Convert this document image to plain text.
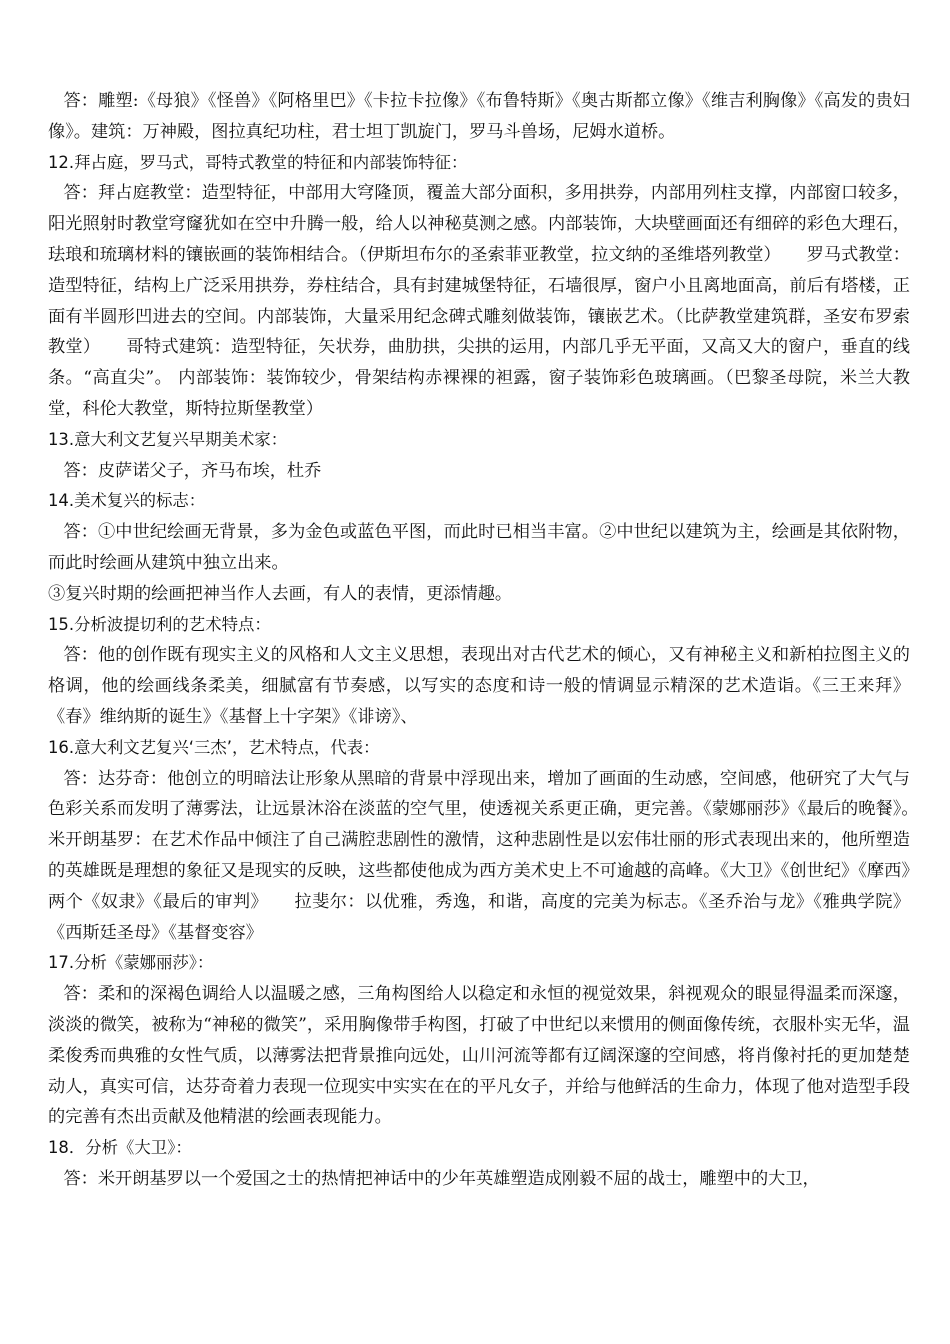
答：雕塑:《母狼》《怪兽》《阿格里巴》《卡拉卡拉像》《布鲁特斯》《奥古斯都立像》《维吉利胸像》《高发的贵妇像》。建筑：万神殿，图拉真纪功柱，君士坦丁凯旋门，罗马斗兽场，尼姆水道桥。

12.拜占庭，罗马式，哥特式教堂的特征和内部装饰特征：

答：拜占庭教堂：造型特征，中部用大穹隆顶，覆盖大部分面积，多用拱券，内部用列柱支撑，内部窗口较多，阳光照射时教堂穹窿犹如在空中升腾一般，给人以神秘莫测之感。内部装饰，大块壁画面还有细碎的彩色大理石，珐琅和琉璃材料的镶嵌画的装饰相结合。（伊斯坦布尔的圣索菲亚教堂，拉文纳的圣维塔列教堂）　　罗马式教堂：造型特征，结构上广泛采用拱券，券柱结合，具有封建城堡特征，石墙很厚，窗户小且离地面高，前后有塔楼，正面有半圆形凹进去的空间。内部装饰，大量采用纪念碑式雕刻做装饰，镶嵌艺术。（比萨教堂建筑群，圣安布罗索教堂）　　哥特式建筑：造型特征，矢状券，曲肋拱，尖拱的运用，内部几乎无平面，又高又大的窗户，垂直的线条。“高直尖”。 内部装饰：装饰较少，骨架结构赤裸裸的袒露，窗子装饰彩色玻璃画。（巴黎圣母院，米兰大教堂，科伦大教堂，斯特拉斯堡教堂）

13.意大利文艺复兴早期美术家：

答：皮萨诺父子，齐马布埃，杜乔

14.美术复兴的标志：

答：①中世纪绘画无背景，多为金色或蓝色平图，而此时已相当丰富。②中世纪以建筑为主，绘画是其依附物，而此时绘画从建筑中独立出来。

③复兴时期的绘画把神当作人去画，有人的表情，更添情趣。

15.分析波提切利的艺术特点：

答：他的创作既有现实主义的风格和人文主义思想，表现出对古代艺术的倾心，又有神秘主义和新柏拉图主义的格调，他的绘画线条柔美，细腻富有节奏感，以写实的态度和诗一般的情调显示精深的艺术造诣。《三王来拜》《春》维纳斯的诞生》《基督上十字架》《诽谤》、

16.意大利文艺复兴‘三杰’，艺术特点，代表：

答：达芬奇：他创立的明暗法让形象从黑暗的背景中浮现出来，增加了画面的生动感，空间感，他研究了大气与色彩关系而发明了薄雾法，让远景沐浴在淡蓝的空气里，使透视关系更正确，更完善。《蒙娜丽莎》《最后的晚餐》。　　米开朗基罗：在艺术作品中倾注了自己满腔悲剧性的激情，这种悲剧性是以宏伟壮丽的形式表现出来的，他所塑造的英雄既是理想的象征又是现实的反映，这些都使他成为西方美术史上不可逾越的高峰。《大卫》《创世纪》《摩西》两个《奴隶》《最后的审判》　　拉斐尔：以优雅，秀逸，和谐，高度的完美为标志。《圣乔治与龙》《雅典学院》《西斯廷圣母》《基督变容》

17.分析《蒙娜丽莎》：

答：柔和的深褐色调给人以温暖之感，三角构图给人以稳定和永恒的视觉效果，斜视观众的眼显得温柔而深邃，淡淡的微笑，被称为“神秘的微笑”，采用胸像带手构图，打破了中世纪以来惯用的侧面像传统，衣服朴实无华，温柔俊秀而典雅的女性气质，以薄雾法把背景推向远处，山川河流等都有辽阔深邃的空间感，将肖像衬托的更加楚楚动人，真实可信，达芬奇着力表现一位现实中实实在在的平凡女子，并给与他鲜活的生命力，体现了他对造型手段的完善有杰出贡献及他精湛的绘画表现能力。

18．分析《大卫》：

答：米开朗基罗以一个爱国之士的热情把神话中的少年英雄塑造成刚毅不屈的战士，雕塑中的大卫，
